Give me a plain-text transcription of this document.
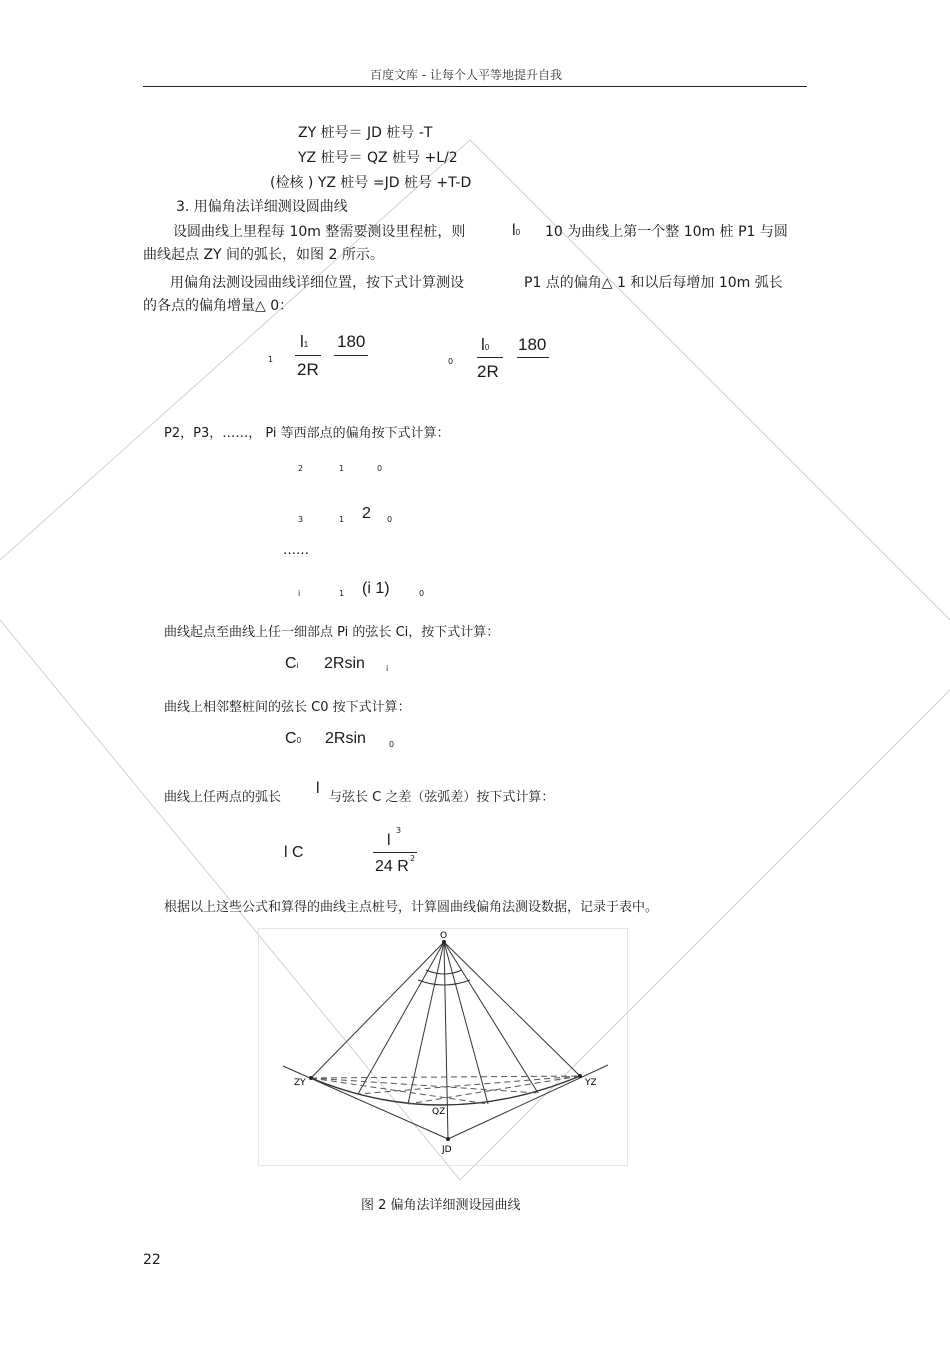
百度文库 - 让每个人平等地提升自我
ZY 桩号＝ JD 桩号 -T
YZ 桩号＝ QZ 桩号 +L/2
(检核 ) YZ 桩号 =JD 桩号 +T-D
3. 用偏角法详细测设圆曲线
设圆曲线上里程每 10m 整需要测设里程桩，则	l0 10 为曲线上第一个整 10m 桩 P1 与圆
曲线起点 ZY 间的弧长，如图 2 所示。
用偏角法测设园曲线详细位置，按下式计算测设	P1 点的偏角△ 1 和以后每增加 10m 弧长
的各点的偏角增量△ 0：
1
l1
2R
180
0
l0
2R
180
P2，P3，……， Pi 等西部点的偏角按下式计算：
2	1	0
3	1 2 0
……
i	1 (i 1)	0
曲线起点至曲线上任一细部点 Pi 的弦长 Ci，按下式计算：
Ci 2Rsin	i
曲线上相邻整桩间的弦长 C0 按下式计算：
C0 2Rsin	0
曲线上任两点的弧长
l
与弦长 C 之差（弦弧差）按下式计算：
l C
l
3
24 R 2
根据以上这些公式和算得的曲线主点桩号，计算圆曲线偏角法测设数据，记录于表中。
O
ZY	YZ
JD
QZ
图 2 偏角法详细测设园曲线
22
